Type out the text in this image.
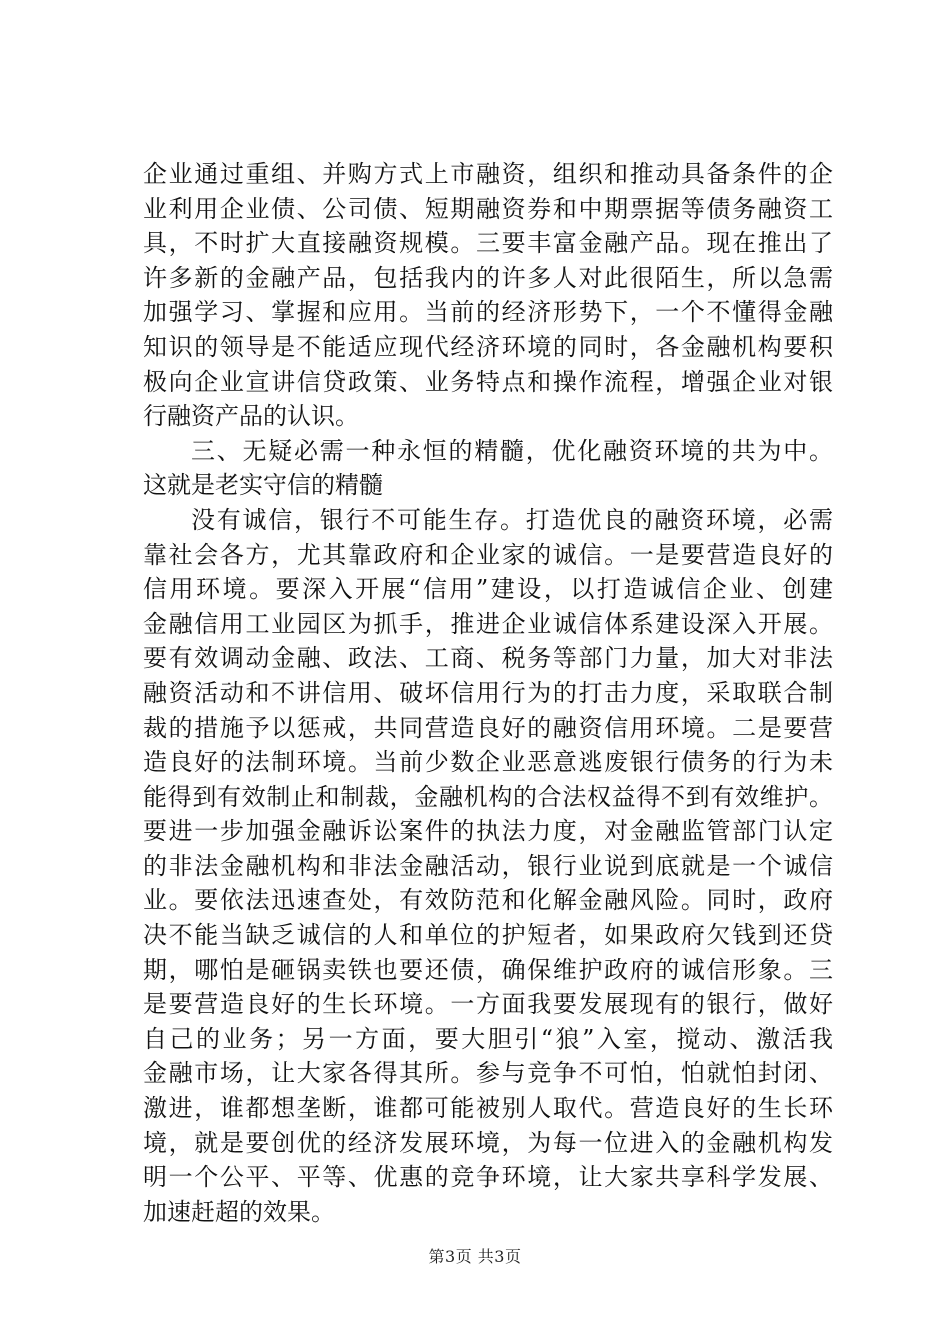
企业通过重组、并购方式上市融资，组织和推动具备条件的企
业利用企业债、公司债、短期融资券和中期票据等债务融资工
具，不时扩大直接融资规模。三要丰富金融产品。现在推出了
许多新的金融产品，包括我内的许多人对此很陌生，所以急需
加强学习、掌握和应用。当前的经济形势下，一个不懂得金融
知识的领导是不能适应现代经济环境的同时，各金融机构要积
极向企业宣讲信贷政策、业务特点和操作流程，增强企业对银
行融资产品的认识。
三、无疑必需一种永恒的精髓，优化融资环境的共为中。
这就是老实守信的精髓
没有诚信，银行不可能生存。打造优良的融资环境，必需
靠社会各方，尤其靠政府和企业家的诚信。一是要营造良好的
信用环境。要深入开展“信用”建设，以打造诚信企业、创建
金融信用工业园区为抓手，推进企业诚信体系建设深入开展。
要有效调动金融、政法、工商、税务等部门力量，加大对非法
融资活动和不讲信用、破坏信用行为的打击力度，采取联合制
裁的措施予以惩戒，共同营造良好的融资信用环境。二是要营
造良好的法制环境。当前少数企业恶意逃废银行债务的行为未
能得到有效制止和制裁，金融机构的合法权益得不到有效维护。
要进一步加强金融诉讼案件的执法力度，对金融监管部门认定
的非法金融机构和非法金融活动，银行业说到底就是一个诚信
业。要依法迅速查处，有效防范和化解金融风险。同时，政府
决不能当缺乏诚信的人和单位的护短者，如果政府欠钱到还贷
期，哪怕是砸锅卖铁也要还债，确保维护政府的诚信形象。三
是要营造良好的生长环境。一方面我要发展现有的银行，做好
自己的业务；另一方面，要大胆引“狼”入室，搅动、激活我
金融市场，让大家各得其所。参与竞争不可怕，怕就怕封闭、
激进，谁都想垄断，谁都可能被别人取代。营造良好的生长环
境，就是要创优的经济发展环境，为每一位进入的金融机构发
明一个公平、平等、优惠的竞争环境，让大家共享科学发展、
加速赶超的效果。
第3页 共3页
